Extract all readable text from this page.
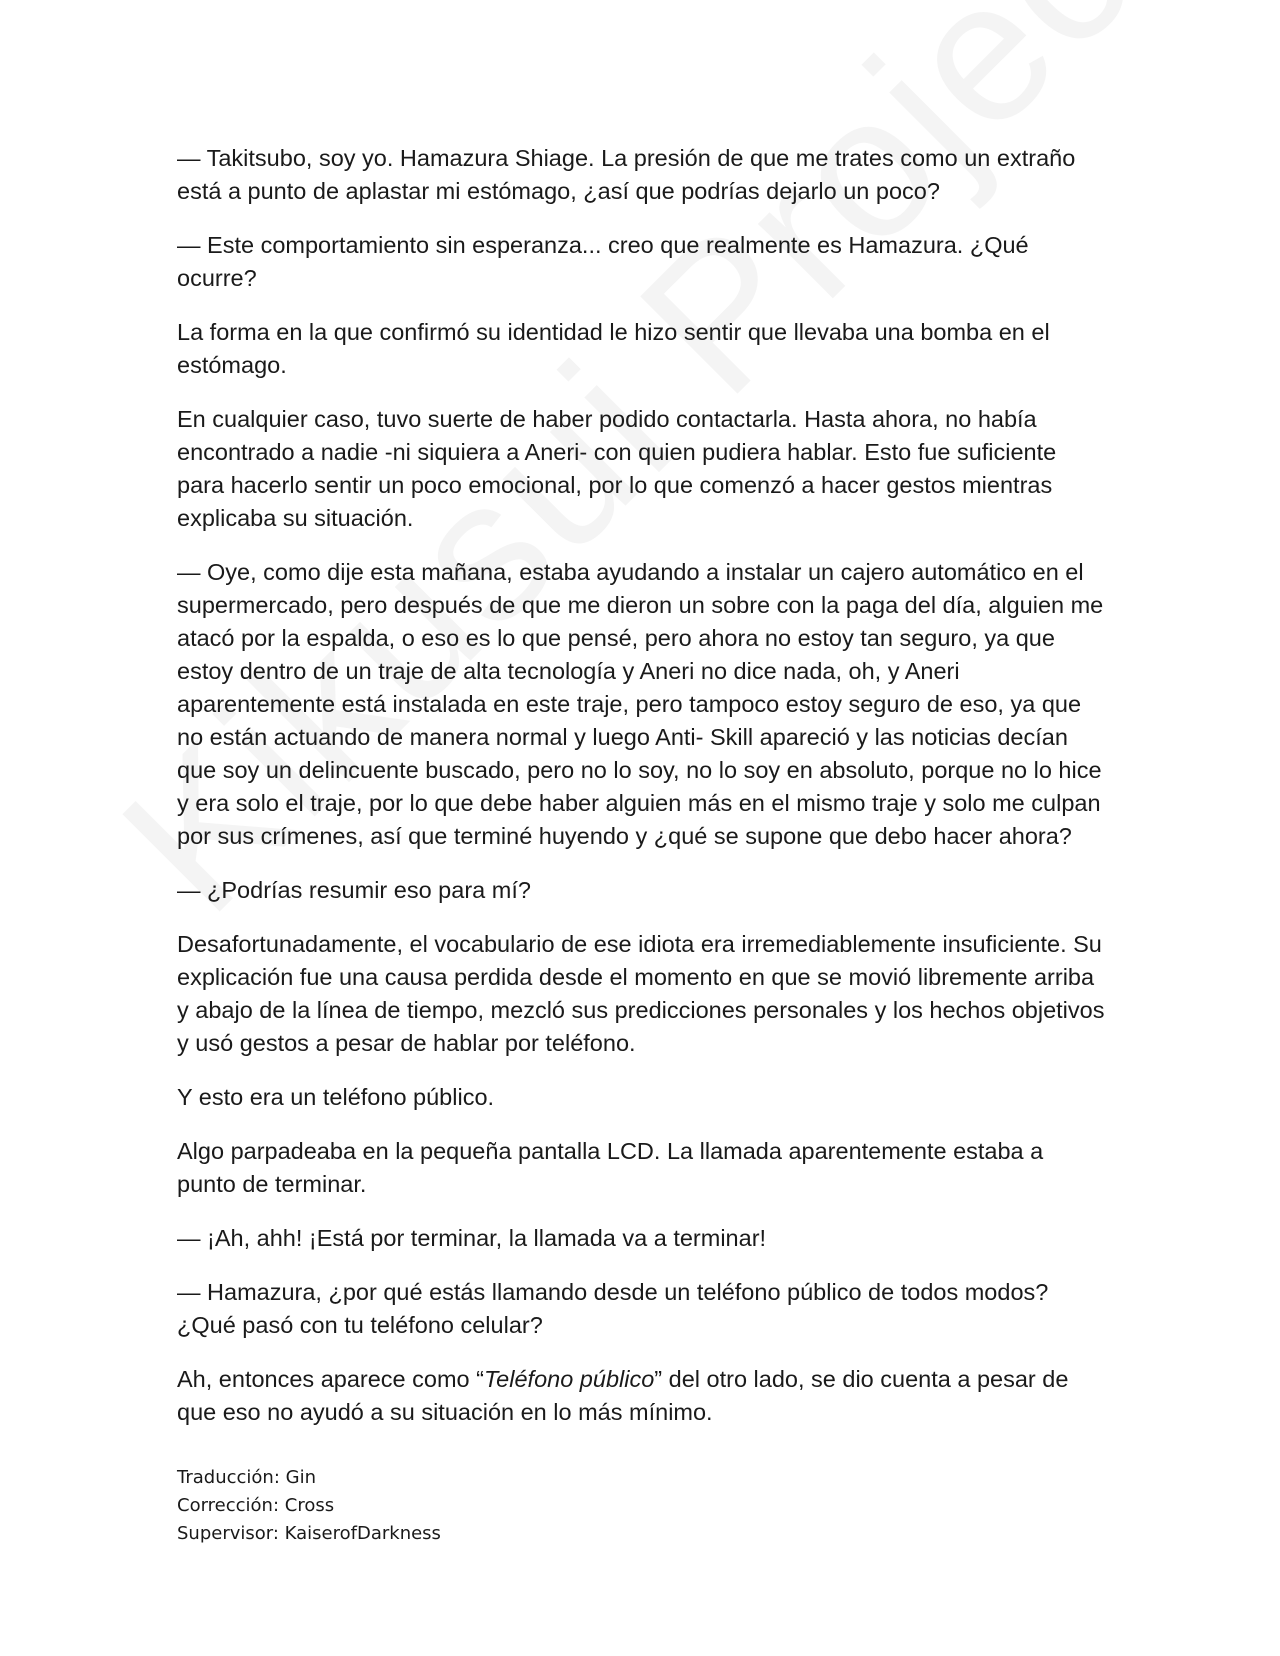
— Takitsubo, soy yo. Hamazura Shiage. La presión de que me trates como un extraño está a punto de aplastar mi estómago, ¿así que podrías dejarlo un poco?

— Este comportamiento sin esperanza... creo que realmente es Hamazura. ¿Qué ocurre?

La forma en la que confirmó su identidad le hizo sentir que llevaba una bomba en el estómago.

En cualquier caso, tuvo suerte de haber podido contactarla. Hasta ahora, no había encontrado a nadie -ni siquiera a Aneri- con quien pudiera hablar. Esto fue suficiente para hacerlo sentir un poco emocional, por lo que comenzó a hacer gestos mientras explicaba su situación.

— Oye, como dije esta mañana, estaba ayudando a instalar un cajero automático en el supermercado, pero después de que me dieron un sobre con la paga del día, alguien me atacó por la espalda, o eso es lo que pensé, pero ahora no estoy tan seguro, ya que estoy dentro de un traje de alta tecnología y Aneri no dice nada, oh, y Aneri aparentemente está instalada en este traje, pero tampoco estoy seguro de eso, ya que no están actuando de manera normal y luego Anti- Skill apareció y las noticias decían que soy un delincuente buscado, pero no lo soy, no lo soy en absoluto, porque no lo hice y era solo el traje, por lo que debe haber alguien más en el mismo traje y solo me culpan por sus crímenes, así que terminé huyendo y ¿qué se supone que debo hacer ahora?

— ¿Podrías resumir eso para mí?

Desafortunadamente, el vocabulario de ese idiota era irremediablemente insuficiente. Su explicación fue una causa perdida desde el momento en que se movió libremente arriba y abajo de la línea de tiempo, mezcló sus predicciones personales y los hechos objetivos y usó gestos a pesar de hablar por teléfono.

Y esto era un teléfono público.

Algo parpadeaba en la pequeña pantalla LCD. La llamada aparentemente estaba a punto de terminar.

— ¡Ah, ahh! ¡Está por terminar, la llamada va a terminar!

— Hamazura, ¿por qué estás llamando desde un teléfono público de todos modos? ¿Qué pasó con tu teléfono celular?

Ah, entonces aparece como “Teléfono público” del otro lado, se dio cuenta a pesar de que eso no ayudó a su situación en lo más mínimo.

Traducción: Gin
Corrección: Cross
Supervisor: KaiserofDarkness
